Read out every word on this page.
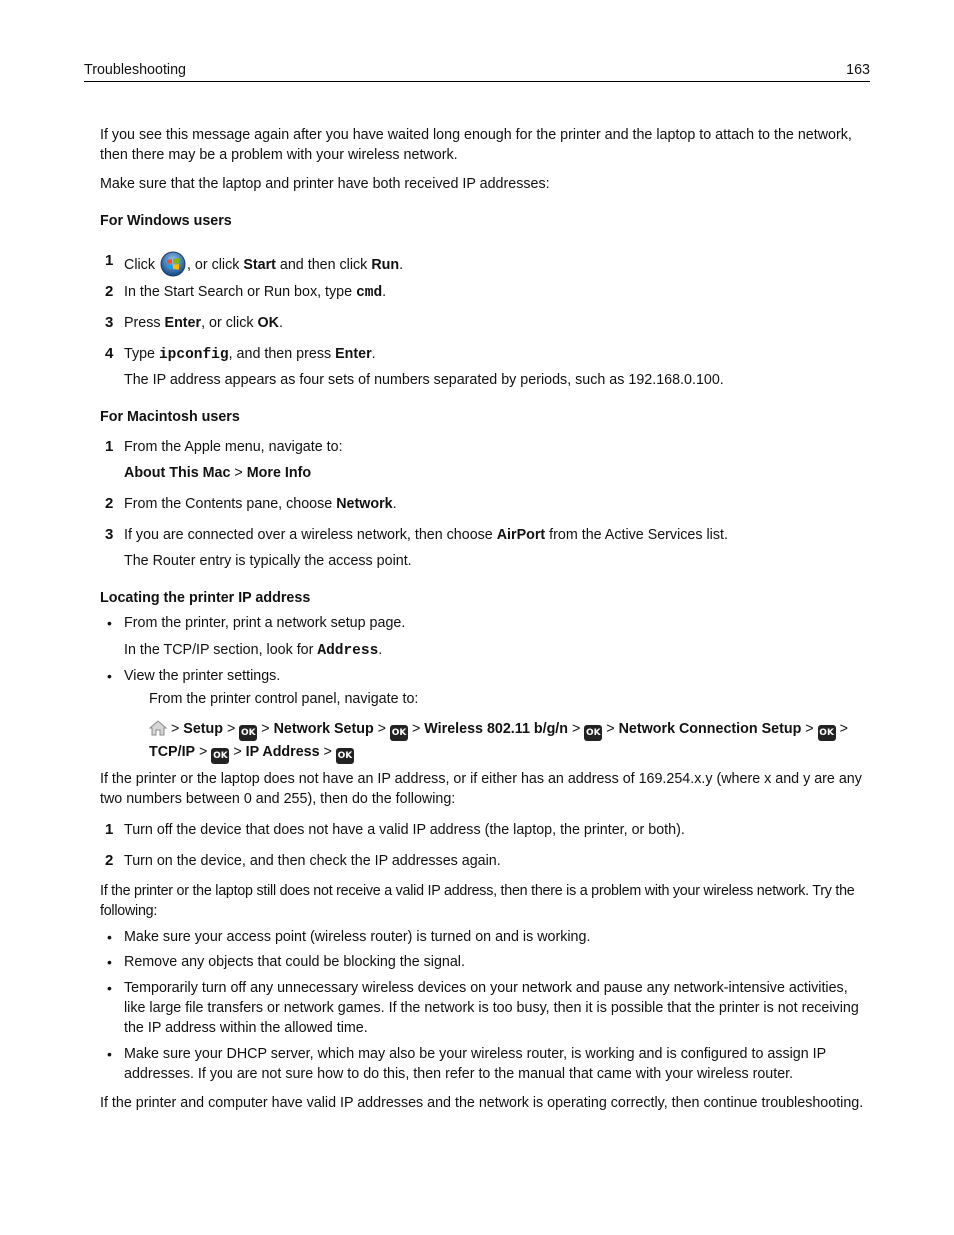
Troubleshooting	163
If you see this message again after you have waited long enough for the printer and the laptop to attach to the network, then there may be a problem with your wireless network.
Make sure that the laptop and printer have both received IP addresses:
For Windows users
1 Click , or click Start and then click Run.
2 In the Start Search or Run box, type cmd.
3 Press Enter, or click OK.
4 Type ipconfig, and then press Enter.
The IP address appears as four sets of numbers separated by periods, such as 192.168.0.100.
For Macintosh users
1 From the Apple menu, navigate to:
About This Mac > More Info
2 From the Contents pane, choose Network.
3 If you are connected over a wireless network, then choose AirPort from the Active Services list.
The Router entry is typically the access point.
Locating the printer IP address
• From the printer, print a network setup page.
In the TCP/IP section, look for Address.
• View the printer settings.
From the printer control panel, navigate to:
> Setup > OK > Network Setup > OK > Wireless 802.11 b/g/n > OK > Network Connection Setup > OK >
TCP/IP > OK > IP Address > OK
If the printer or the laptop does not have an IP address, or if either has an address of 169.254.x.y (where x and y are any two numbers between 0 and 255), then do the following:
1 Turn off the device that does not have a valid IP address (the laptop, the printer, or both).
2 Turn on the device, and then check the IP addresses again.
If the printer or the laptop still does not receive a valid IP address, then there is a problem with your wireless network. Try the following:
• Make sure your access point (wireless router) is turned on and is working.
• Remove any objects that could be blocking the signal.
• Temporarily turn off any unnecessary wireless devices on your network and pause any network-intensive activities, like large file transfers or network games. If the network is too busy, then it is possible that the printer is not receiving the IP address within the allowed time.
• Make sure your DHCP server, which may also be your wireless router, is working and is configured to assign IP addresses. If you are not sure how to do this, then refer to the manual that came with your wireless router.
If the printer and computer have valid IP addresses and the network is operating correctly, then continue troubleshooting.
